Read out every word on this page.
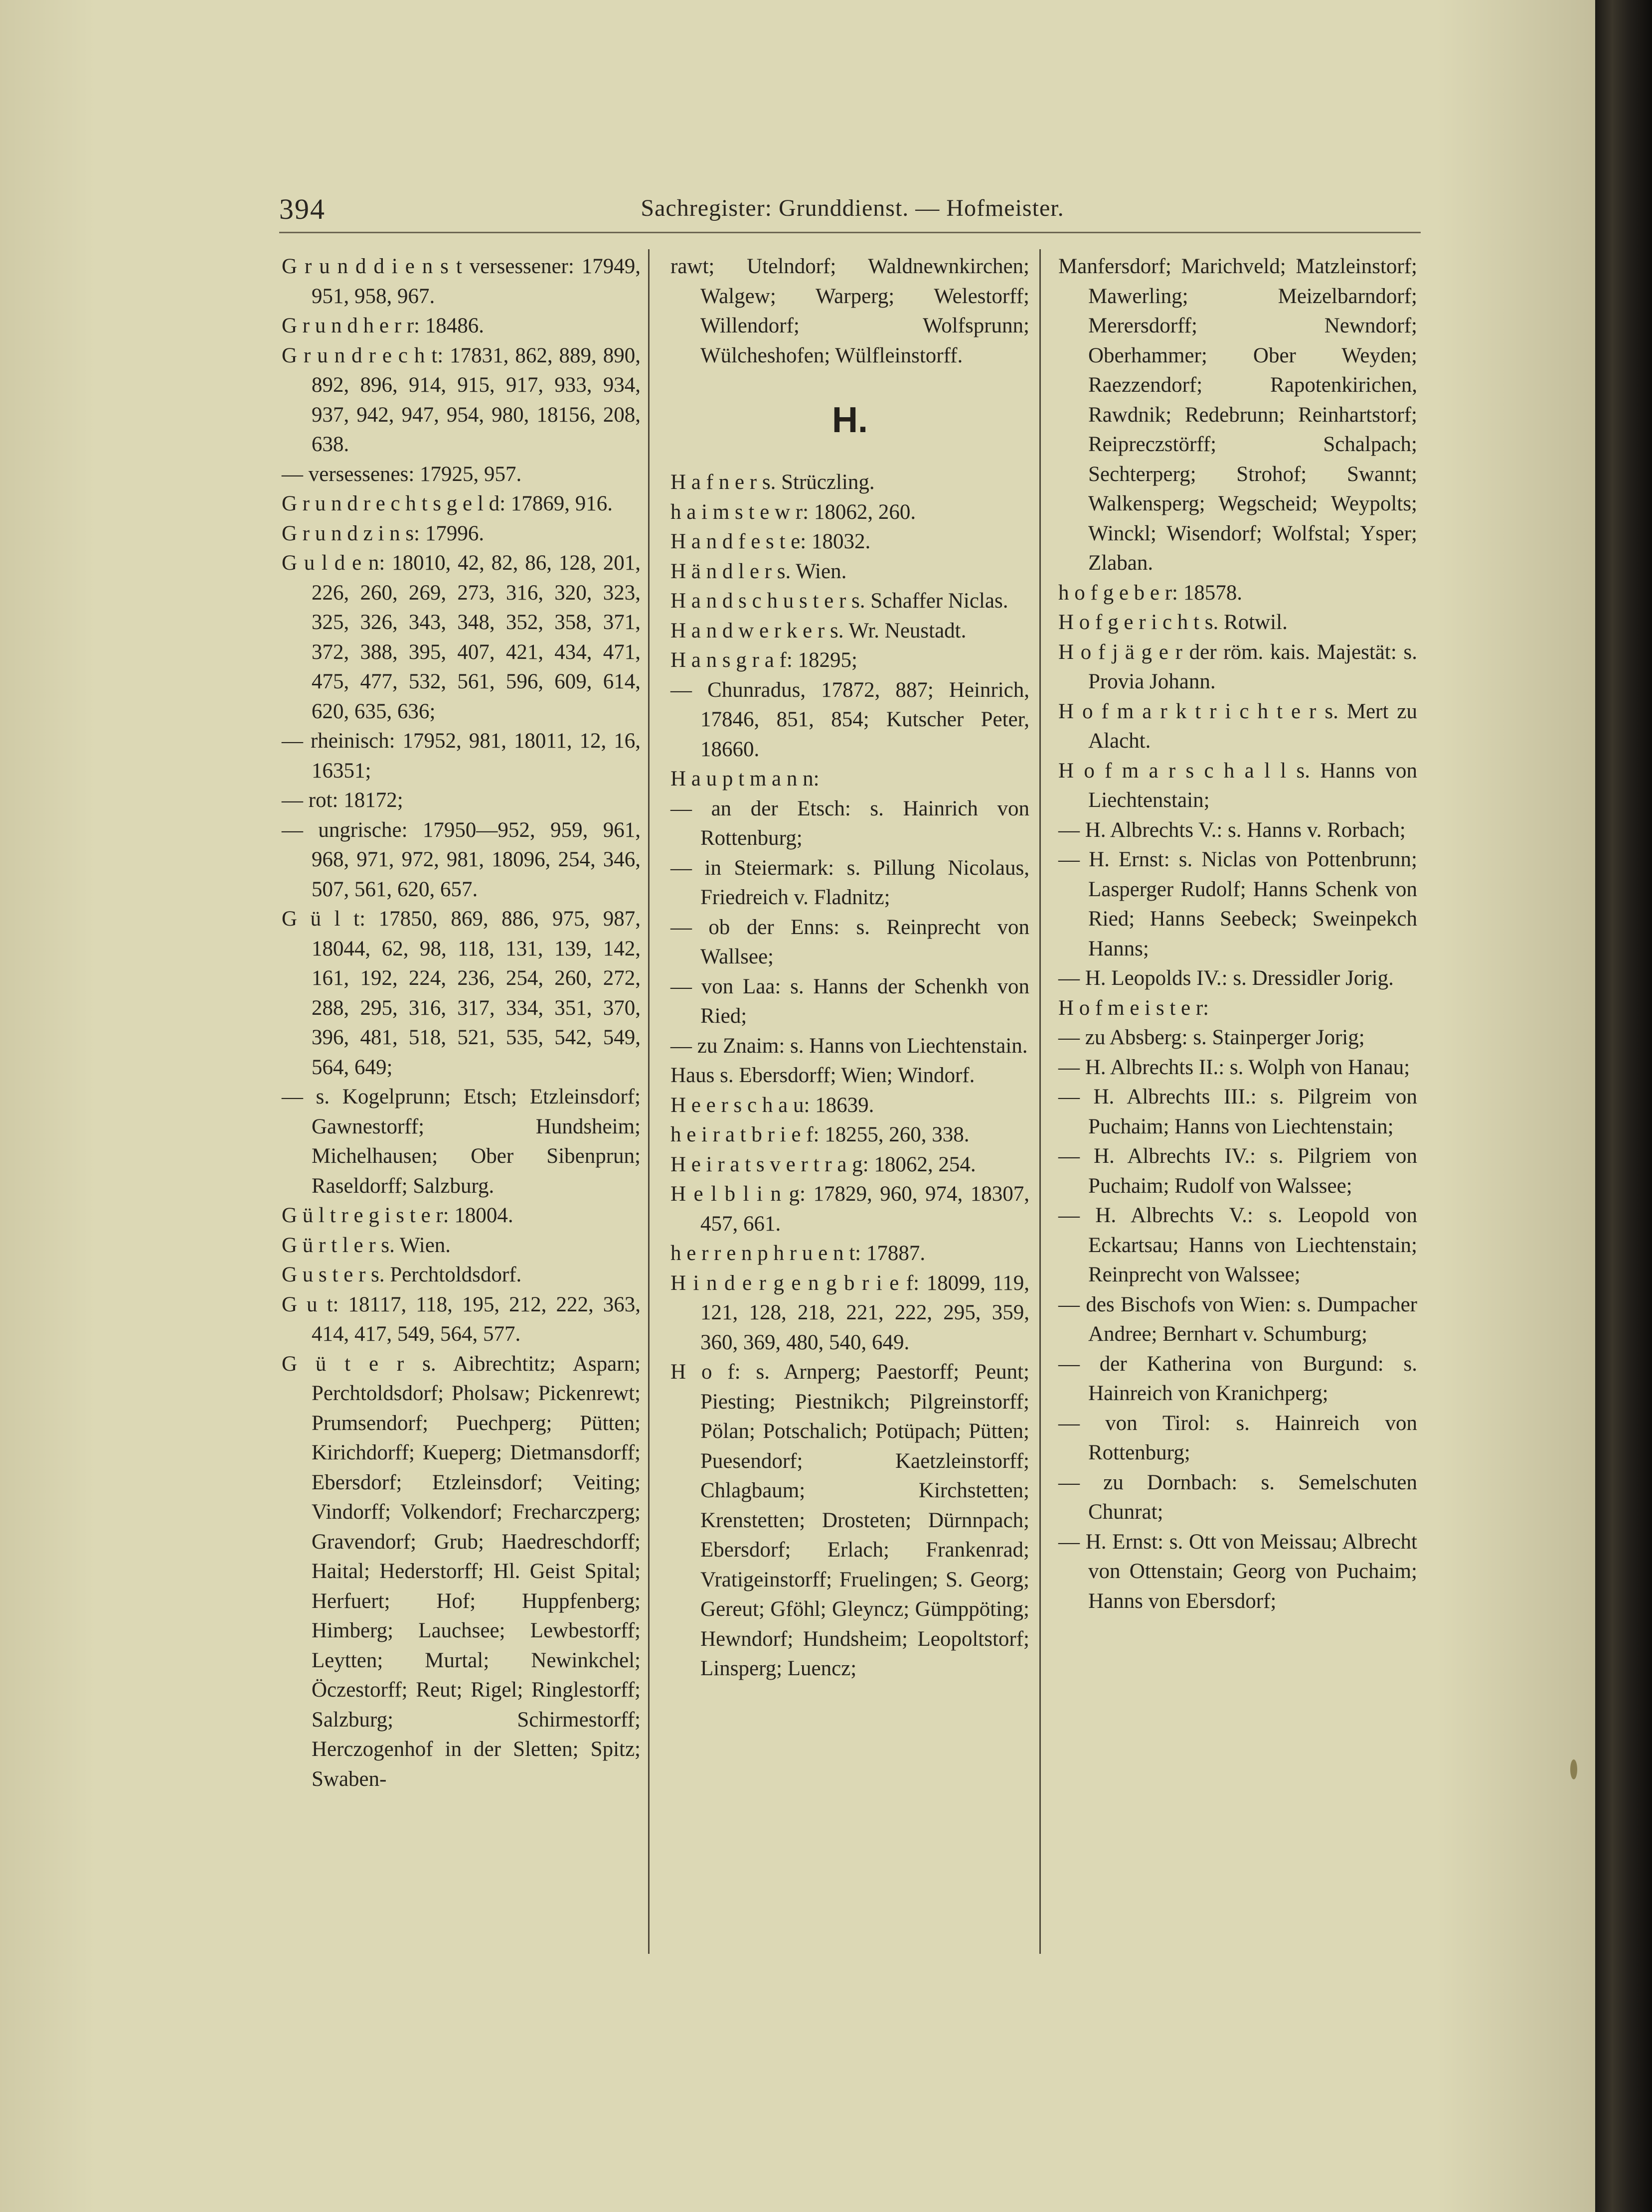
394	Sachregister: Grunddienst. — Hofmeister.

G r u n d d i e n s t versessener: 17949, 951, 958, 967.

G r u n d h e r r: 18486.

G r u n d r e c h t: 17831, 862, 889, 890, 892, 896, 914, 915, 917, 933, 934, 937, 942, 947, 954, 980, 18156, 208, 638.

— versessenes: 17925, 957.

G r u n d r e c h t s g e l d: 17869, 916.

G r u n d z i n s: 17996.

G u l d e n: 18010, 42, 82, 86, 128, 201, 226, 260, 269, 273, 316, 320, 323, 325, 326, 343, 348, 352, 358, 371, 372, 388, 395, 407, 421, 434, 471, 475, 477, 532, 561, 596, 609, 614, 620, 635, 636;

— rheinisch: 17952, 981, 18011, 12, 16, 16351;

— rot: 18172;

— ungrische: 17950—952, 959, 961, 968, 971, 972, 981, 18096, 254, 346, 507, 561, 620, 657.

G ü l t: 17850, 869, 886, 975, 987, 18044, 62, 98, 118, 131, 139, 142, 161, 192, 224, 236, 254, 260, 272, 288, 295, 316, 317, 334, 351, 370, 396, 481, 518, 521, 535, 542, 549, 564, 649;

— s. Kogelprunn; Etsch; Etzleinsdorf; Gawnestorff; Hundsheim; Michelhausen; Ober Sibenprun; Raseldorff; Salzburg.

G ü l t r e g i s t e r: 18004.

G ü r t l e r s. Wien.

G u s t e r s. Perchtoldsdorf.

G u t: 18117, 118, 195, 212, 222, 363, 414, 417, 549, 564, 577.

G ü t e r s. Aibrechtitz; Asparn; Perchtoldsdorf; Pholsaw; Pickenrewt; Prumsendorf; Puechperg; Pütten; Kirichdorff; Kueperg; Dietmansdorff; Ebersdorf; Etzleinsdorf; Veiting; Vindorff; Volkendorf; Frecharczperg; Gravendorf; Grub; Haedreschdorff; Haital; Hederstorff; Hl. Geist Spital; Herfuert; Hof; Huppfenberg; Himberg; Lauchsee; Lewbestorff; Leytten; Murtal; Newinkchel; Öczestorff; Reut; Rigel; Ringlestorff; Salzburg; Schirmestorff; Herczogenhof in der Sletten; Spitz; Swaben-

rawt; Utelndorf; Waldnewnkirchen; Walgew; Warperg; Welestorff; Willendorf; Wolfsprunn; Wülcheshofen; Wülfleinstorff.

H.

H a f n e r s. Strüczling.

h a i m s t e w r: 18062, 260.

H a n d f e s t e: 18032.

H ä n d l e r s. Wien.

H a n d s c h u s t e r s. Schaffer Niclas.

H a n d w e r k e r s. Wr. Neustadt.

H a n s g r a f: 18295;

— Chunradus, 17872, 887; Heinrich, 17846, 851, 854; Kutscher Peter, 18660.

H a u p t m a n n:

— an der Etsch: s. Hainrich von Rottenburg;

— in Steiermark: s. Pillung Nicolaus, Friedreich v. Fladnitz;

— ob der Enns: s. Reinprecht von Wallsee;

— von Laa: s. Hanns der Schenkh von Ried;

— zu Znaim: s. Hanns von Liechtenstain.

Haus s. Ebersdorff; Wien; Windorf.

H e e r s c h a u: 18639.

h e i r a t b r i e f: 18255, 260, 338.

H e i r a t s v e r t r a g: 18062, 254.

H e l b l i n g: 17829, 960, 974, 18307, 457, 661.

h e r r e n p h r u e n t: 17887.

H i n d e r g e n g b r i e f: 18099, 119, 121, 128, 218, 221, 222, 295, 359, 360, 369, 480, 540, 649.

H o f: s. Arnperg; Paestorff; Peunt; Piesting; Piestnikch; Pilgreinstorff; Pölan; Potschalich; Potüpach; Pütten; Puesendorf; Kaetzleinstorff; Chlagbaum; Kirchstetten; Krenstetten; Drosteten; Dürnnpach; Ebersdorf; Erlach; Frankenrad; Vratigeinstorff; Fruelingen; S. Georg; Gereut; Gföhl; Gleyncz; Gümppöting; Hewndorf; Hundsheim; Leopoltstorf; Linsperg; Luencz;

Manfersdorf; Marichveld; Matzleinstorf; Mawerling; Meizelbarndorf; Merersdorff; Newndorf; Oberhammer; Ober Weyden; Raezzendorf; Rapotenkirichen, Rawdnik; Redebrunn; Reinhartstorf; Reipreczstörff; Schalpach; Sechterperg; Strohof; Swannt; Walkensperg; Wegscheid; Weypolts; Winckl; Wisendorf; Wolfstal; Ysper; Zlaban.

h o f g e b e r: 18578.

H o f g e r i c h t s. Rotwil.

H o f j ä g e r der röm. kais. Majestät: s. Provia Johann.

H o f m a r k t r i c h t e r s. Mert zu Alacht.

H o f m a r s c h a l l s. Hanns von Liechtenstain;

— H. Albrechts V.: s. Hanns v. Rorbach;

— H. Ernst: s. Niclas von Pottenbrunn; Lasperger Rudolf; Hanns Schenk von Ried; Hanns Seebeck; Sweinpekch Hanns;

— H. Leopolds IV.: s. Dressidler Jorig.

H o f m e i s t e r:

— zu Absberg: s. Stainperger Jorig;

— H. Albrechts II.: s. Wolph von Hanau;

— H. Albrechts III.: s. Pilgreim von Puchaim; Hanns von Liechtenstain;

— H. Albrechts IV.: s. Pilgriem von Puchaim; Rudolf von Walssee;

— H. Albrechts V.: s. Leopold von Eckartsau; Hanns von Liechtenstain; Reinprecht von Walssee;

— des Bischofs von Wien: s. Dumpacher Andree; Bernhart v. Schumburg;

— der Katherina von Burgund: s. Hainreich von Kranichperg;

— von Tirol: s. Hainreich von Rottenburg;

— zu Dornbach: s. Semelschuten Chunrat;

— H. Ernst: s. Ott von Meissau; Albrecht von Ottenstain; Georg von Puchaim; Hanns von Ebersdorf;
